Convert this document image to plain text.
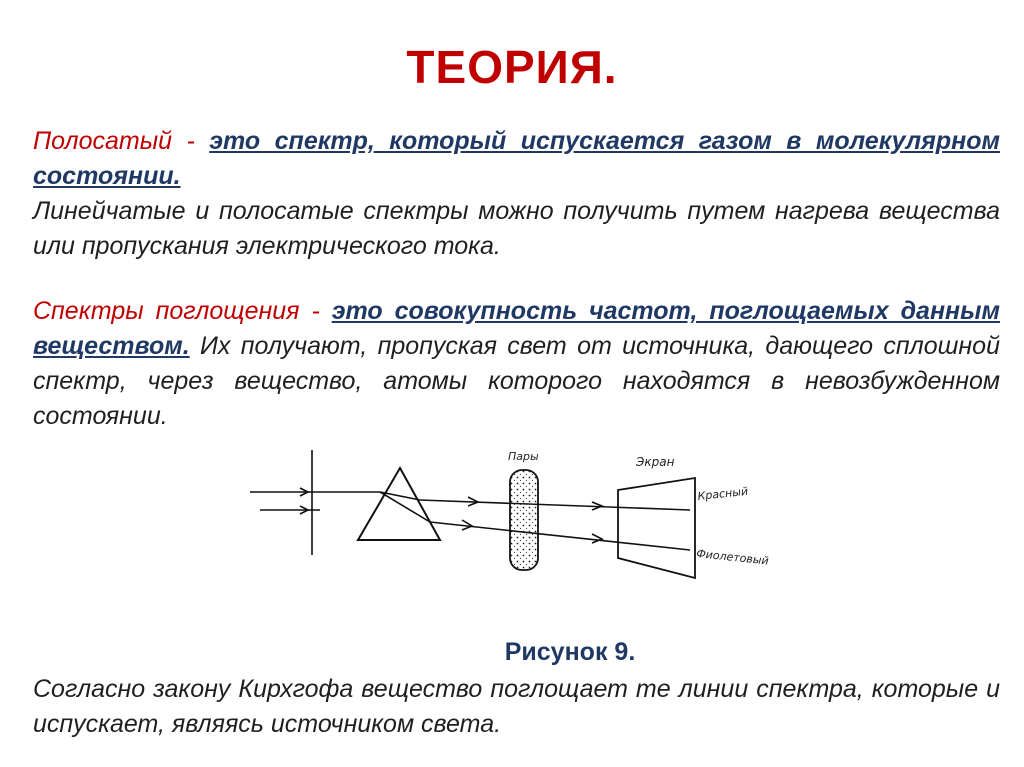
ТЕОРИЯ.
Полосатый - это спектр, который испускается газом в молекулярном состоянии.
Линейчатые и полосатые спектры можно получить путем нагрева вещества или пропускания электрического тока.
Спектры поглощения - это совокупность частот, поглощаемых данным веществом. Их получают, пропуская свет от источника, дающего сплошной спектр, через вещество, атомы которого находятся в невозбужденном состоянии.
Пары	Экран
Красный
Фиолетовый
Рисунок 9.
Согласно закону Кирхгофа вещество поглощает те линии спектра, которые и испускает, являясь источником света.
